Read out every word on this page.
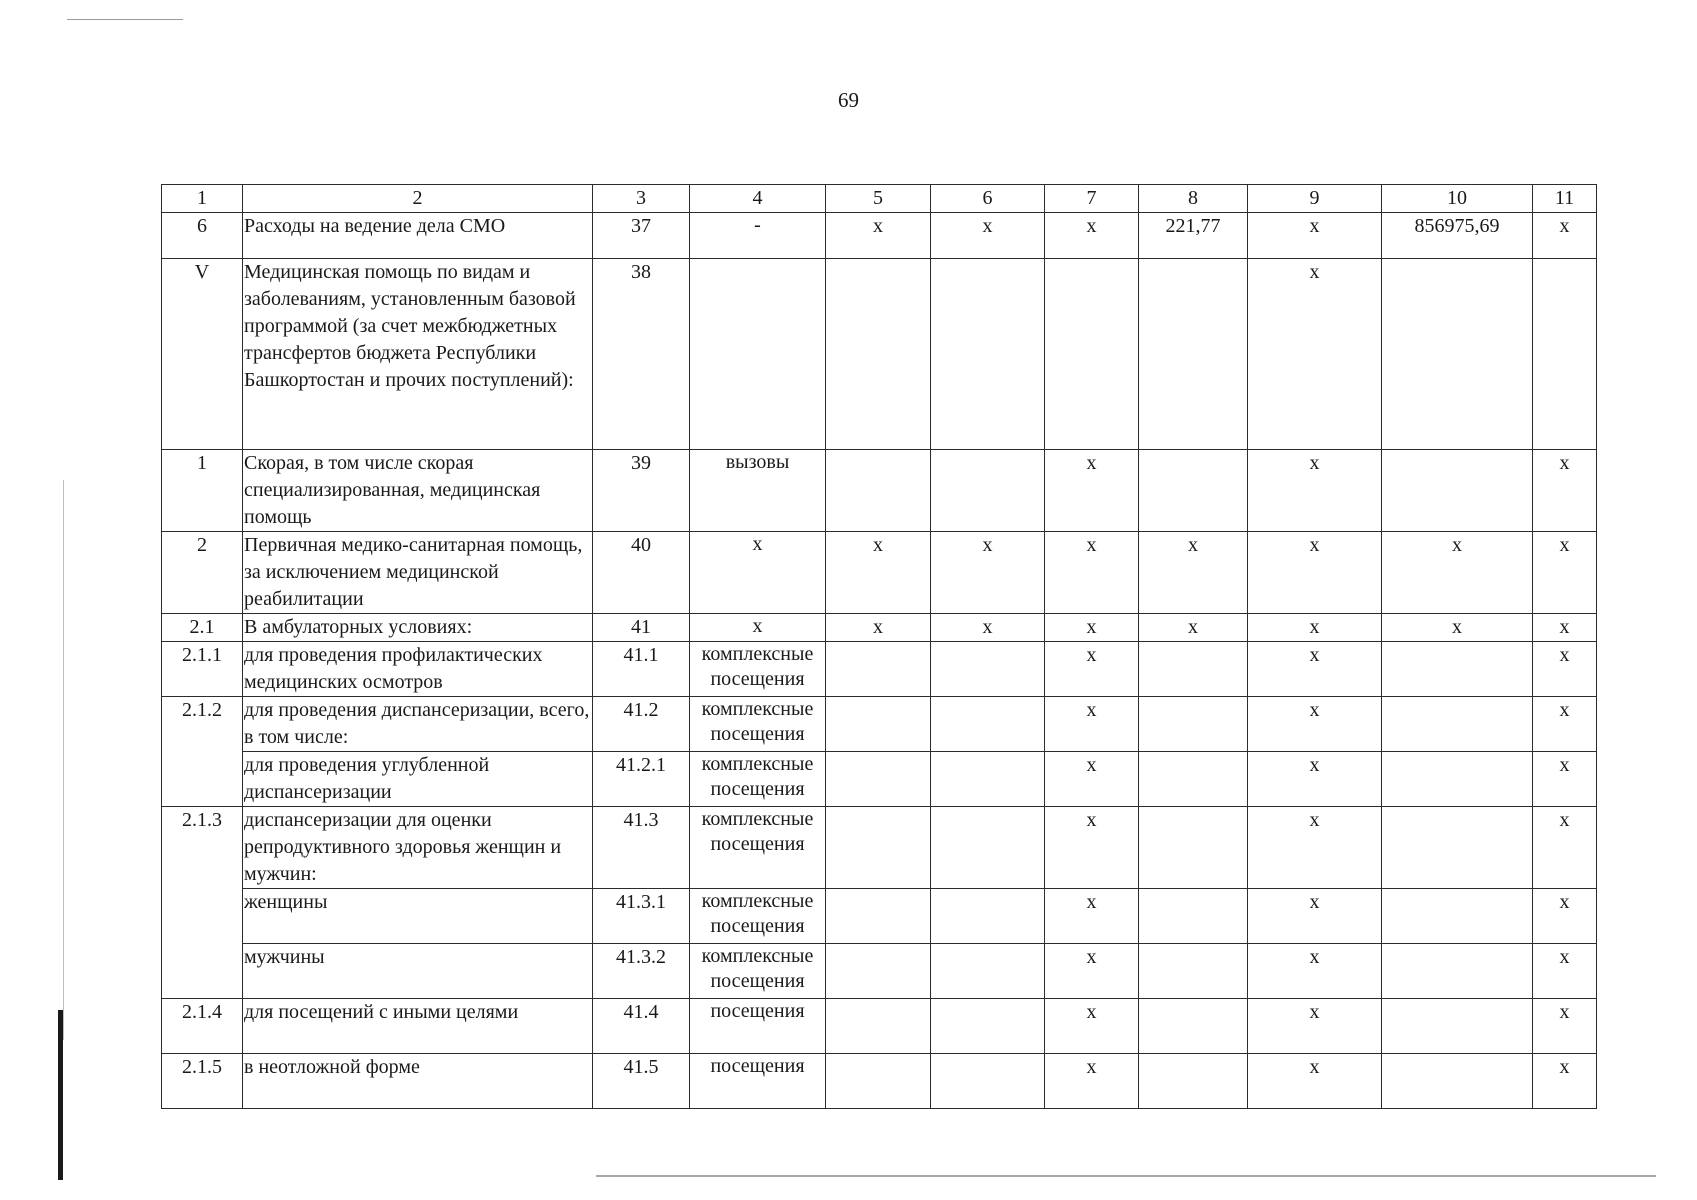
69
1	2	3	4	5	6	7	8	9	10	11
6	Расходы на ведение дела СМО	37	-	x	x	x	221,77	x	856975,69	x
V	Медицинская помощь по видам и заболеваниям, установленным базовой программой (за счет межбюджетных трансфертов бюджета Республики Башкортостан и прочих поступлений):	38						x		
1	Скорая, в том числе скорая специализированная, медицинская помощь	39	вызовы			x		x		x
2	Первичная медико-санитарная помощь, за исключением медицинской реабилитации	40	x	x	x	x	x	x	x	x
2.1	В амбулаторных условиях:	41	x	x	x	x	x	x	x	x
2.1.1	для проведения профилактических медицинских осмотров	41.1	комплексные посещения			x		x		x
2.1.2	для проведения диспансеризации, всего, в том числе:	41.2	комплексные посещения			x		x		x
	для проведения углубленной диспансеризации	41.2.1	комплексные посещения			x		x		x
2.1.3	диспансеризации для оценки репродуктивного здоровья женщин и мужчин:	41.3	комплексные посещения			x		x		x
	женщины	41.3.1	комплексные посещения			x		x		x
	мужчины	41.3.2	комплексные посещения			x		x		x
2.1.4	для посещений с иными целями	41.4	посещения			x		x		x
2.1.5	в неотложной форме	41.5	посещения			x		x		x
